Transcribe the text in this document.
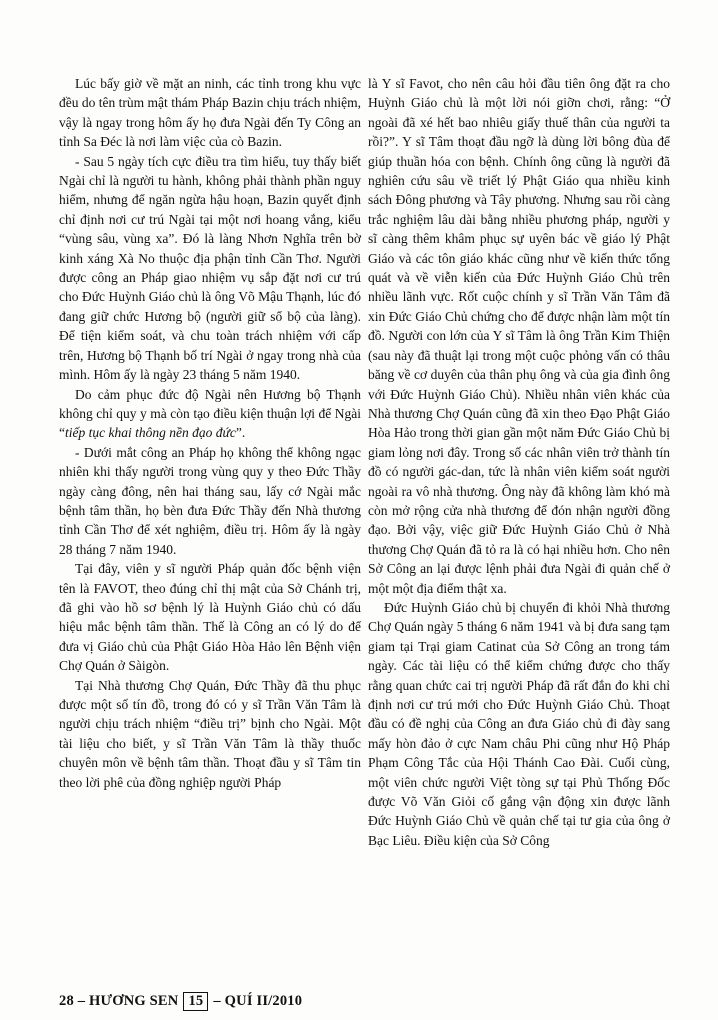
Lúc bấy giờ về mặt an ninh, các tỉnh trong khu vực đều do tên trùm mật thám Pháp Bazin chịu trách nhiệm, vậy là ngay trong hôm ấy họ đưa Ngài đến Ty Công an tỉnh Sa Đéc là nơi làm việc của cò Bazin.

- Sau 5 ngày tích cực điều tra tìm hiểu, tuy thấy biết Ngài chỉ là người tu hành, không phải thành phần nguy hiểm, nhưng để ngăn ngừa hậu hoạn, Bazin quyết định chỉ định nơi cư trú Ngài tại một nơi hoang vắng, kiểu “vùng sâu, vùng xa”. Đó là làng Nhơn Nghĩa trên bờ kinh xáng Xà No thuộc địa phận tỉnh Cần Thơ. Người được công an Pháp giao nhiệm vụ sắp đặt nơi cư trú cho Đức Huỳnh Giáo chủ là ông Võ Mậu Thạnh, lúc đó đang giữ chức Hương bộ (người giữ sổ bộ của làng). Để tiện kiểm soát, và chu toàn trách nhiệm với cấp trên, Hương bộ Thạnh bố trí Ngài ở ngay trong nhà của mình. Hôm ấy là ngày 23 tháng 5 năm 1940.

Do cảm phục đức độ Ngài nên Hương bộ Thạnh không chỉ quy y mà còn tạo điều kiện thuận lợi để Ngài “tiếp tục khai thông nền đạo đức”.

- Dưới mắt công an Pháp họ không thể không ngạc nhiên khi thấy người trong vùng quy y theo Đức Thầy ngày càng đông, nên hai tháng sau, lấy cớ Ngài mắc bệnh tâm thần, họ bèn đưa Đức Thầy đến Nhà thương tỉnh Cần Thơ để xét nghiệm, điều trị. Hôm ấy là ngày 28 tháng 7 năm 1940.

Tại đây, viên y sĩ người Pháp quản đốc bệnh viện tên là FAVOT, theo đúng chỉ thị mật của Sở Chánh trị, đã ghi vào hồ sơ bệnh lý là Huỳnh Giáo chủ có dấu hiệu mắc bệnh tâm thần. Thế là Công an có lý do để đưa vị Giáo chủ của Phật Giáo Hòa Hảo lên Bệnh viện Chợ Quán ở Sàigòn.

Tại Nhà thương Chợ Quán, Đức Thầy đã thu phục được một số tín đồ, trong đó có y sĩ Trần Văn Tâm là người chịu trách nhiệm “điều trị” bịnh cho Ngài. Một tài liệu cho biết, y sĩ Trần Văn Tâm là thầy thuốc chuyên môn về bệnh tâm thần. Thoạt đầu y sĩ Tâm tin theo lời phê của đồng nghiệp người Pháp

là Y sĩ Favot, cho nên câu hỏi đầu tiên ông đặt ra cho Huỳnh Giáo chủ là một lời nói giỡn chơi, rằng: “Ở ngoài đã xé hết bao nhiêu giấy thuế thân của người ta rồi?”. Y sĩ Tâm thoạt đầu ngỡ là dùng lời bông đùa để giúp thuần hóa con bệnh. Chính ông cũng là người đã nghiên cứu sâu về triết lý Phật Giáo qua nhiều kinh sách Đông phương và Tây phương. Nhưng sau rồi càng trắc nghiệm lâu dài bằng nhiều phương pháp, người y sĩ càng thêm khâm phục sự uyên bác về giáo lý Phật Giáo và các tôn giáo khác cũng như về kiến thức tổng quát và về viễn kiến của Đức Huỳnh Giáo Chủ trên nhiều lãnh vực. Rốt cuộc chính y sĩ Trần Văn Tâm đã xin Đức Giáo Chủ chứng cho để được nhận làm một tín đồ. Người con lớn của Y sĩ Tâm là ông Trần Kim Thiện (sau này đã thuật lại trong một cuộc phỏng vấn có thâu băng về cơ duyên của thân phụ ông và của gia đình ông với Đức Huỳnh Giáo Chủ). Nhiều nhân viên khác của Nhà thương Chợ Quán cũng đã xin theo Đạo Phật Giáo Hòa Hảo trong thời gian gần một năm Đức Giáo Chủ bị giam lỏng nơi đây. Trong số các nhân viên trở thành tín đồ có người gác-dan, tức là nhân viên kiểm soát người ngoài ra vô nhà thương. Ông này đã không làm khó mà còn mở rộng cửa nhà thương để đón nhận người đồng đạo. Bởi vậy, việc giữ Đức Huỳnh Giáo Chủ ở Nhà thương Chợ Quán đã tỏ ra là có hại nhiều hơn. Cho nên Sở Công an lại được lệnh phải đưa Ngài đi quản chế ở một một địa điểm thật xa.

Đức Huỳnh Giáo chủ bị chuyển đi khỏi Nhà thương Chợ Quán ngày 5 tháng 6 năm 1941 và bị đưa sang tạm giam tại Trại giam Catinat của Sở Công an trong tám ngày. Các tài liệu có thể kiểm chứng được cho thấy rằng quan chức cai trị người Pháp đã rất đắn đo khi chỉ định nơi cư trú mới cho Đức Huỳnh Giáo Chủ. Thoạt đầu có đề nghị của Công an đưa Giáo chủ đi đày sang mấy hòn đảo ở cực Nam châu Phi cũng như Hộ Pháp Phạm Công Tắc của Hội Thánh Cao Đài. Cuối cùng, một viên chức người Việt tòng sự tại Phủ Thống Đốc được Võ Văn Giỏi cố gắng vận động xin được lãnh Đức Huỳnh Giáo Chủ về quản chế tại tư gia của ông ở Bạc Liêu. Điều kiện của Sở Công

28 – HƯƠNG SEN 15 – QUÍ II/2010
